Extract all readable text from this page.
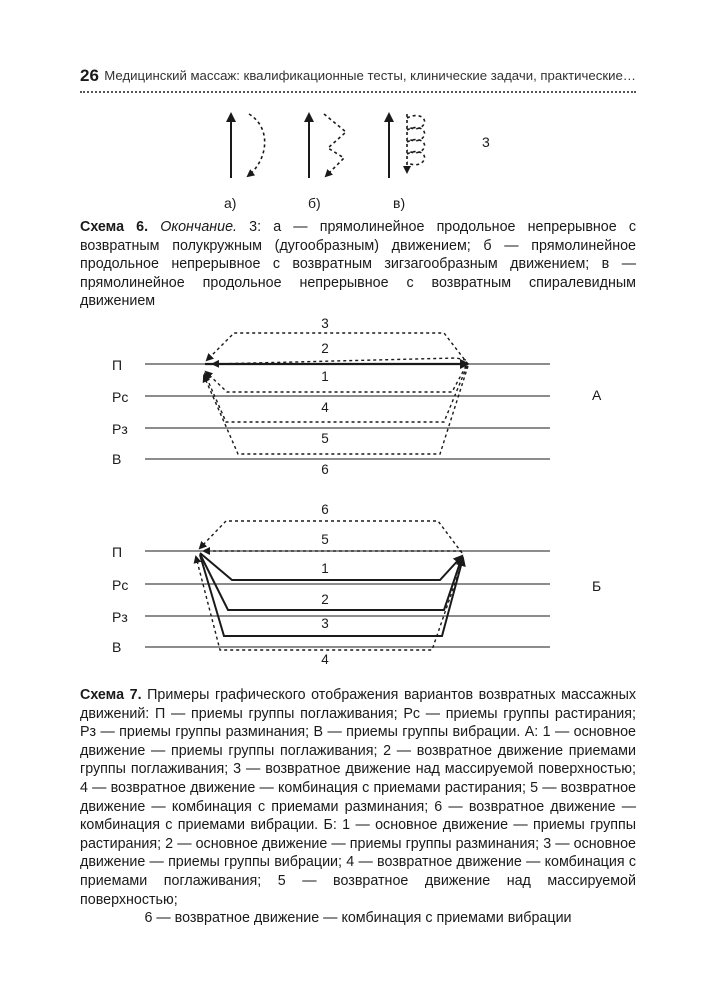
26 Медицинский массаж: квалификационные тесты, клинические задачи, практические…
а)	б)	в)
3
Схема 6. Окончание. 3: а — прямолинейное продольное непрерывное с возвратным полукружным (дугообразным) движением; б — прямолинейное продольное непрерывное с возвратным зигзагообразным движением; в — прямолинейное продольное непрерывное с возвратным спиралевидным движением
П
Рс
Рз
В
А
3
2
1
4
5
6
П
Рс
Рз
В
Б
6
5
1
2
3
4
Схема 7. Примеры графического отображения вариантов возвратных массажных движений: П — приемы группы поглаживания; Рс — приемы группы растирания; Рз — приемы группы разминания; В — приемы группы вибрации. А: 1 — основное движение — приемы группы поглаживания; 2 — возвратное движение приемами группы поглаживания; 3 — возвратное движение над массируемой поверхностью; 4 — возвратное движение — комбинация с приемами растирания; 5 — возвратное движение — комбинация с приемами разминания; 6 — возвратное движение — комбинация с приемами вибрации. Б: 1 — основное движение — приемы группы растирания; 2 — основное движение — приемы группы разминания; 3 — основное движение — приемы группы вибрации; 4 — возвратное движение — комбинация с приемами поглаживания; 5 — возвратное движение над массируемой поверхностью;
6 — возвратное движение — комбинация с приемами вибрации
